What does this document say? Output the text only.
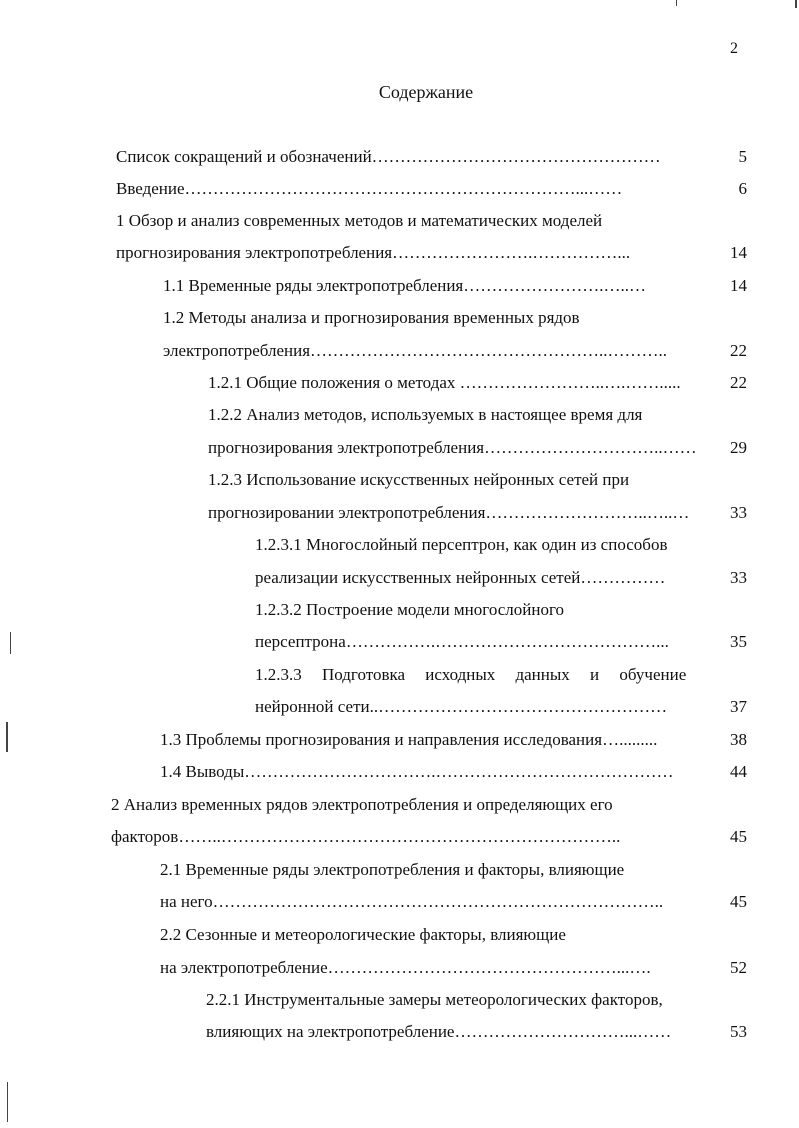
2
Содержание
Список сокращений и обозначений……………………………………………	5
Введение……………………………………………………………...……	6
1 Обзор и анализ современных методов и математических моделей
прогнозирования электропотребления…………………….……………...	14
1.1 Временные ряды электропотребления…………………….…..…	14
1.2 Методы анализа и прогнозирования временных рядов
электропотребления……………………………………………..………..	22
1.2.1 Общие положения о методах ……………………..….…….....	22
1.2.2 Анализ методов, используемых в настоящее время для
прогнозирования электропотребления…………………………..……	29
1.2.3 Использование искусственных нейронных сетей при
прогнозировании электропотребления………………………..…..…	33
1.2.3.1 Многослойный персептрон, как один из способов
реализации искусственных нейронных сетей……………	33
1.2.3.2 Построение модели многослойного
персептрона…………….…………………………………...	35
1.2.3.3 Подготовка исходных данных и обучение
нейронной сети..……………………………………………	37
1.3 Проблемы прогнозирования и направления исследования….........	38
1.4 Выводы…………………………….……………………………………	44
2 Анализ временных рядов электропотребления и определяющих его
факторов……..……………………………………………………………..	45
2.1 Временные ряды электропотребления и факторы, влияющие
на него……………………………………………………………………..	45
2.2 Сезонные и метеорологические факторы, влияющие
на электропотребление……………………………………………...….	52
2.2.1 Инструментальные замеры метеорологических факторов,
влияющих на электропотребление…………………………...……	53
